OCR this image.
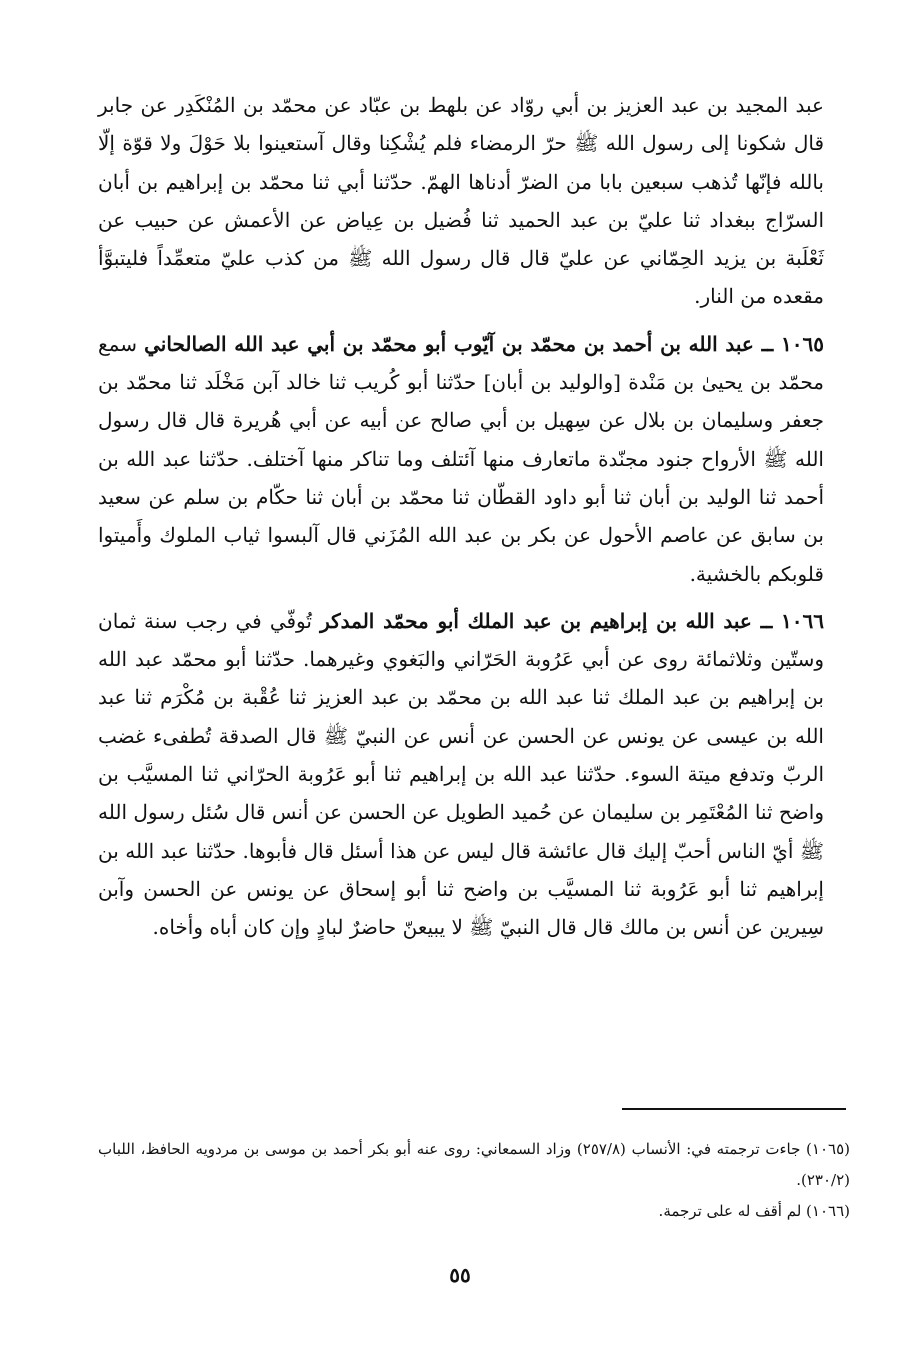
عبد المجيد بن عبد العزيز بن أبي روّاد عن بلهط بن عبّاد عن محمّد بن المُنْكَدِر عن جابر قال شكونا إلى رسول الله ﷺ حرّ الرمضاء فلم يُشْكِنا وقال آستعينوا بلا حَوْلَ ولا قوّة إلّا بالله فإنّها تُذهب سبعين بابا من الضرّ أدناها الهمّ. حدّثنا أبي ثنا محمّد بن إبراهيم بن أبان السرّاج ببغداد ثنا عليّ بن عبد الحميد ثنا فُضيل بن عِياض عن الأعمش عن حبيب عن ثَعْلَبة بن يزيد الحِمّاني عن عليّ قال قال رسول الله ﷺ من كذب عليّ متعمِّداً فليتبوَّأ مقعده من النار.

١٠٦٥ ــ عبد الله بن أحمد بن محمّد بن آيّوب أبو محمّد بن أبي عبد الله الصالحاني سمع محمّد بن يحيىٰ بن مَنْدة [والوليد بن أبان] حدّثنا أبو كُريب ثنا خالد آبن مَخْلَد ثنا محمّد بن جعفر وسليمان بن بلال عن سِهيل بن أبي صالح عن أبيه عن أبي هُريرة قال قال رسول الله ﷺ الأرواح جنود مجنّدة ماتعارف منها آئتلف وما تناكر منها آختلف. حدّثنا عبد الله بن أحمد ثنا الوليد بن أبان ثنا أبو داود القطّان ثنا محمّد بن أبان ثنا حكّام بن سلم عن سعيد بن سابق عن عاصم الأحول عن بكر بن عبد الله المُزَني قال آلبسوا ثياب الملوك وأَميتوا قلوبكم بالخشية.

١٠٦٦ ــ عبد الله بن إبراهيم بن عبد الملك أبو محمّد المدكر تُوفّي في رجب سنة ثمان وستّين وثلاثمائة روى عن أبي عَرُوبة الحَرّاني والبَغوي وغيرهما. حدّثنا أبو محمّد عبد الله بن إبراهيم بن عبد الملك ثنا عبد الله بن محمّد بن عبد العزيز ثنا عُقْبة بن مُكْرَم ثنا عبد الله بن عيسى عن يونس عن الحسن عن أنس عن النبيّ ﷺ قال الصدقة تُطفىء غضب الربّ وتدفع ميتة السوء. حدّثنا عبد الله بن إبراهيم ثنا أبو عَرُوبة الحرّاني ثنا المسيَّب بن واضح ثنا المُعْتَمِر بن سليمان عن حُميد الطويل عن الحسن عن أنس قال سُئل رسول الله ﷺ أيّ الناس أحبّ إليك قال عائشة قال ليس عن هذا أسئل قال فأبوها. حدّثنا عبد الله بن إبراهيم ثنا أبو عَرُوبة ثنا المسيَّب بن واضح ثنا أبو إسحاق عن يونس عن الحسن وآبن سِيرين عن أنس بن مالك قال قال النبيّ ﷺ لا يبيعنّ حاضرٌ لبادٍ وإن كان أباه وأخاه.

(١٠٦٥) جاءت ترجمته في: الأنساب (٢٥٧/٨) وزاد السمعاني: روى عنه أبو بكر أحمد بن موسى بن مردويه الحافظ، اللباب (٢٣٠/٢).

(١٠٦٦) لم أقف له على ترجمة.

٥٥
